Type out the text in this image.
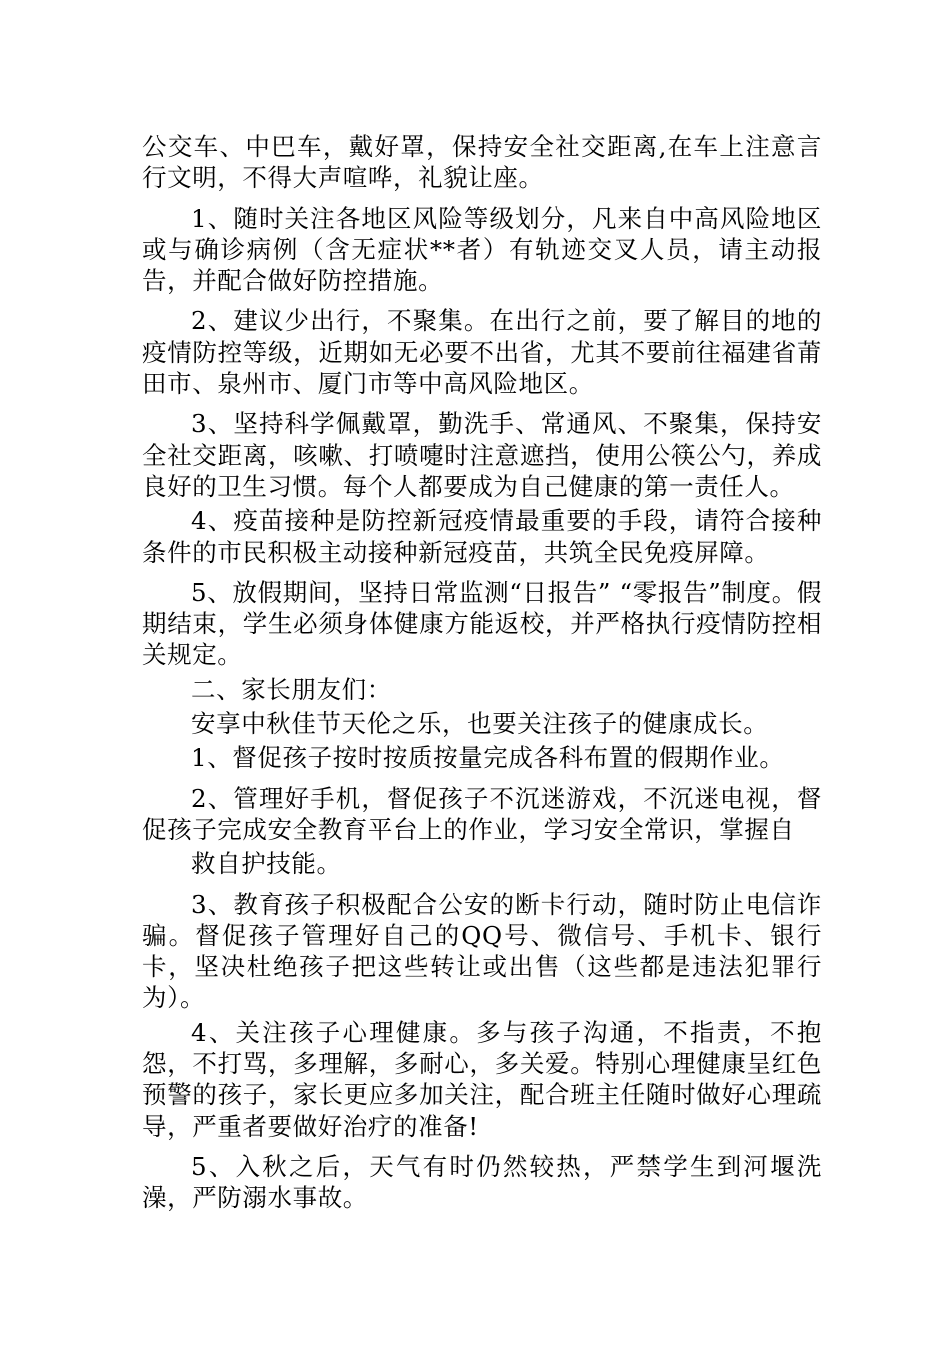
公交车、中巴车，戴好罩，保持安全社交距离,在车上注意言行文明，不得大声喧哗，礼貌让座。

1、随时关注各地区风险等级划分，凡来自中高风险地区或与确诊病例（含无症状**者）有轨迹交叉人员，请主动报告，并配合做好防控措施。

2、建议少出行，不聚集。在出行之前，要了解目的地的疫情防控等级，近期如无必要不出省，尤其不要前往福建省莆田市、泉州市、厦门市等中高风险地区。

3、坚持科学佩戴罩，勤洗手、常通风、不聚集，保持安全社交距离，咳嗽、打喷嚏时注意遮挡，使用公筷公勺，养成良好的卫生习惯。每个人都要成为自己健康的第一责任人。

4、疫苗接种是防控新冠疫情最重要的手段，请符合接种条件的市民积极主动接种新冠疫苗，共筑全民免疫屏障。

5、放假期间，坚持日常监测“日报告” “零报告”制度。假期结束，学生必须身体健康方能返校，并严格执行疫情防控相关规定。

二、家长朋友们：

安享中秋佳节天伦之乐，也要关注孩子的健康成长。

1、督促孩子按时按质按量完成各科布置的假期作业。

2、管理好手机，督促孩子不沉迷游戏，不沉迷电视，督促孩子完成安全教育平台上的作业，学习安全常识，掌握自

救自护技能。

3、教育孩子积极配合公安的断卡行动，随时防止电信诈骗。督促孩子管理好自己的QQ号、微信号、手机卡、银行卡，坚决杜绝孩子把这些转让或出售（这些都是违法犯罪行为）。

4、关注孩子心理健康。多与孩子沟通，不指责，不抱怨，不打骂，多理解，多耐心，多关爱。特别心理健康呈红色预警的孩子，家长更应多加关注，配合班主任随时做好心理疏导，严重者要做好治疗的准备!

5、入秋之后，天气有时仍然较热，严禁学生到河堰洗澡，严防溺水事故。
